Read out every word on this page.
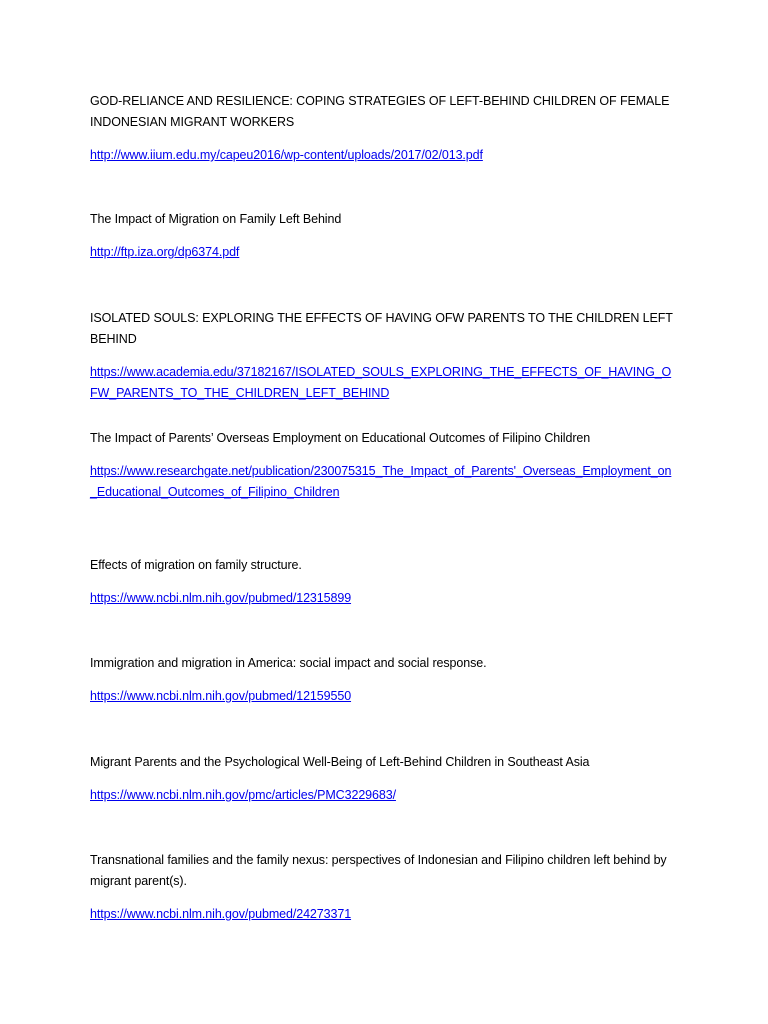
GOD-RELIANCE AND RESILIENCE: COPING STRATEGIES OF LEFT-BEHIND CHILDREN OF FEMALE INDONESIAN MIGRANT WORKERS

http://www.iium.edu.my/capeu2016/wp-content/uploads/2017/02/013.pdf

The Impact of Migration on Family Left Behind

http://ftp.iza.org/dp6374.pdf

ISOLATED SOULS: EXPLORING THE EFFECTS OF HAVING OFW PARENTS TO THE CHILDREN LEFT BEHIND

https://www.academia.edu/37182167/ISOLATED_SOULS_EXPLORING_THE_EFFECTS_OF_HAVING_OFW_PARENTS_TO_THE_CHILDREN_LEFT_BEHIND

The Impact of Parents’ Overseas Employment on Educational Outcomes of Filipino Children

https://www.researchgate.net/publication/230075315_The_Impact_of_Parents'_Overseas_Employment_on_Educational_Outcomes_of_Filipino_Children

Effects of migration on family structure.

https://www.ncbi.nlm.nih.gov/pubmed/12315899

Immigration and migration in America: social impact and social response.

https://www.ncbi.nlm.nih.gov/pubmed/12159550

Migrant Parents and the Psychological Well-Being of Left-Behind Children in Southeast Asia

https://www.ncbi.nlm.nih.gov/pmc/articles/PMC3229683/

Transnational families and the family nexus: perspectives of Indonesian and Filipino children left behind by migrant parent(s).

https://www.ncbi.nlm.nih.gov/pubmed/24273371
